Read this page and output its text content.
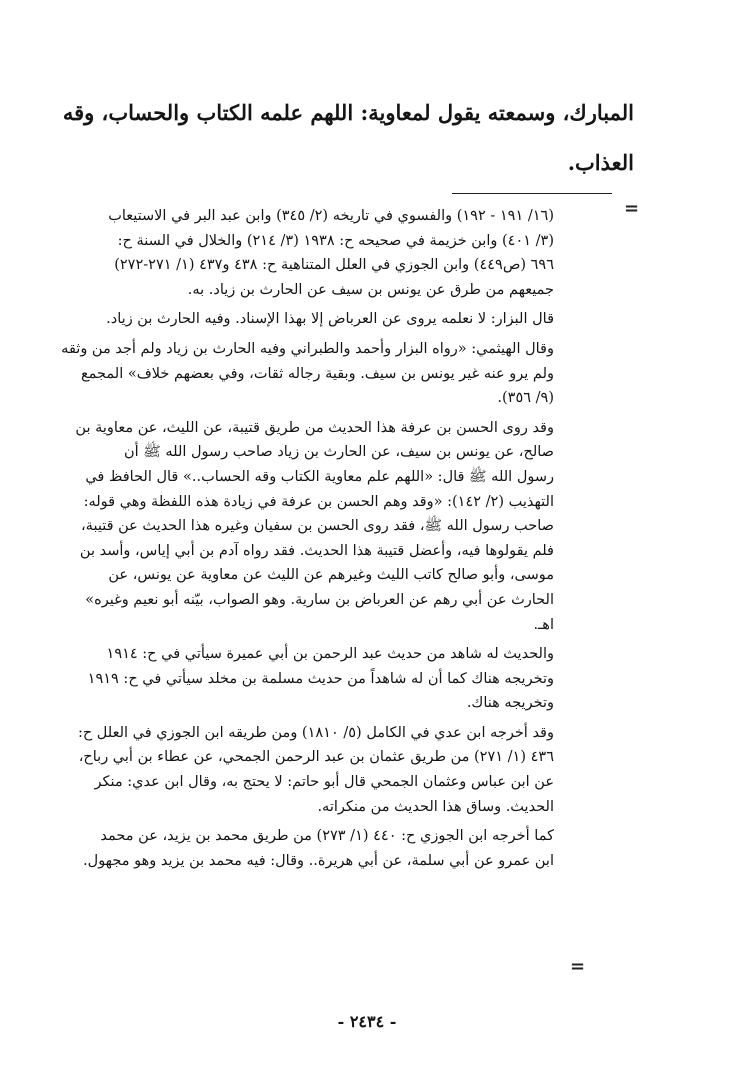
المبارك، وسمعته يقول لمعاوية: اللهم علمه الكتاب والحساب، وقه
العذاب.
=

(١٦/ ١٩١ - ١٩٢) والفسوي في تاريخه (٢/ ٣٤٥) وابن عبد البر في الاستيعاب
(٣/ ٤٠١) وابن خزيمة في صحيحه ح: ١٩٣٨ (٣/ ٢١٤) والخلال في السنة ح:
٦٩٦ (ص٤٤٩) وابن الجوزي في العلل المتناهية ح: ٤٣٨ و٤٣٧ (١/ ٢٧١-٢٧٢)
جميعهم من طرق عن يونس بن سيف عن الحارث بن زياد. به.

قال البزار: لا نعلمه يروى عن العرباض إلا بهذا الإسناد. وفيه الحارث بن زياد.

وقال الهيثمي: «رواه البزار وأحمد والطبراني وفيه الحارث بن زياد ولم أجد من وثقه
ولم يرو عنه غير يونس بن سيف. وبقية رجاله ثقات، وفي بعضهم خلاف» المجمع
(٩/ ٣٥٦).

وقد روى الحسن بن عرفة هذا الحديث من طريق قتيبة، عن الليث، عن معاوية بن
صالح، عن يونس بن سيف، عن الحارث بن زياد صاحب رسول الله ﷺ أن
رسول الله ﷺ قال: «اللهم علم معاوية الكتاب وقه الحساب..» قال الحافظ في
التهذيب (٢/ ١٤٢): «وقد وهم الحسن بن عرفة في زيادة هذه اللفظة وهي قوله:
صاحب رسول الله ﷺ، فقد روى الحسن بن سفيان وغيره هذا الحديث عن قتيبة،
فلم يقولوها فيه، وأعضل قتيبة هذا الحديث. فقد رواه آدم بن أبي إياس، وأسد بن
موسى، وأبو صالح كاتب الليث وغيرهم عن الليث عن معاوية عن يونس، عن
الحارث عن أبي رهم عن العرباض بن سارية. وهو الصواب، بيّنه أبو نعيم وغيره»
اهـ.

والحديث له شاهد من حديث عبد الرحمن بن أبي عميرة سيأتي في ح: ١٩١٤
وتخريجه هناك كما أن له شاهداً من حديث مسلمة بن مخلد سيأتي في ح: ١٩١٩
وتخريجه هناك.

وقد أخرجه ابن عدي في الكامل (٥/ ١٨١٠) ومن طريقه ابن الجوزي في العلل ح:
٤٣٦ (١/ ٢٧١) من طريق عثمان بن عبد الرحمن الجمحي، عن عطاء بن أبي رباح،
عن ابن عباس وعثمان الجمحي قال أبو حاتم: لا يحتج به، وقال ابن عدي: منكر
الحديث. وساق هذا الحديث من منكراته.

كما أخرجه ابن الجوزي ح: ٤٤٠ (١/ ٢٧٣) من طريق محمد بن يزيد، عن محمد
ابن عمرو عن أبي سلمة، عن أبي هريرة.. وقال: فيه محمد بن يزيد وهو مجهول.

=
- ٢٤٣٤ -
